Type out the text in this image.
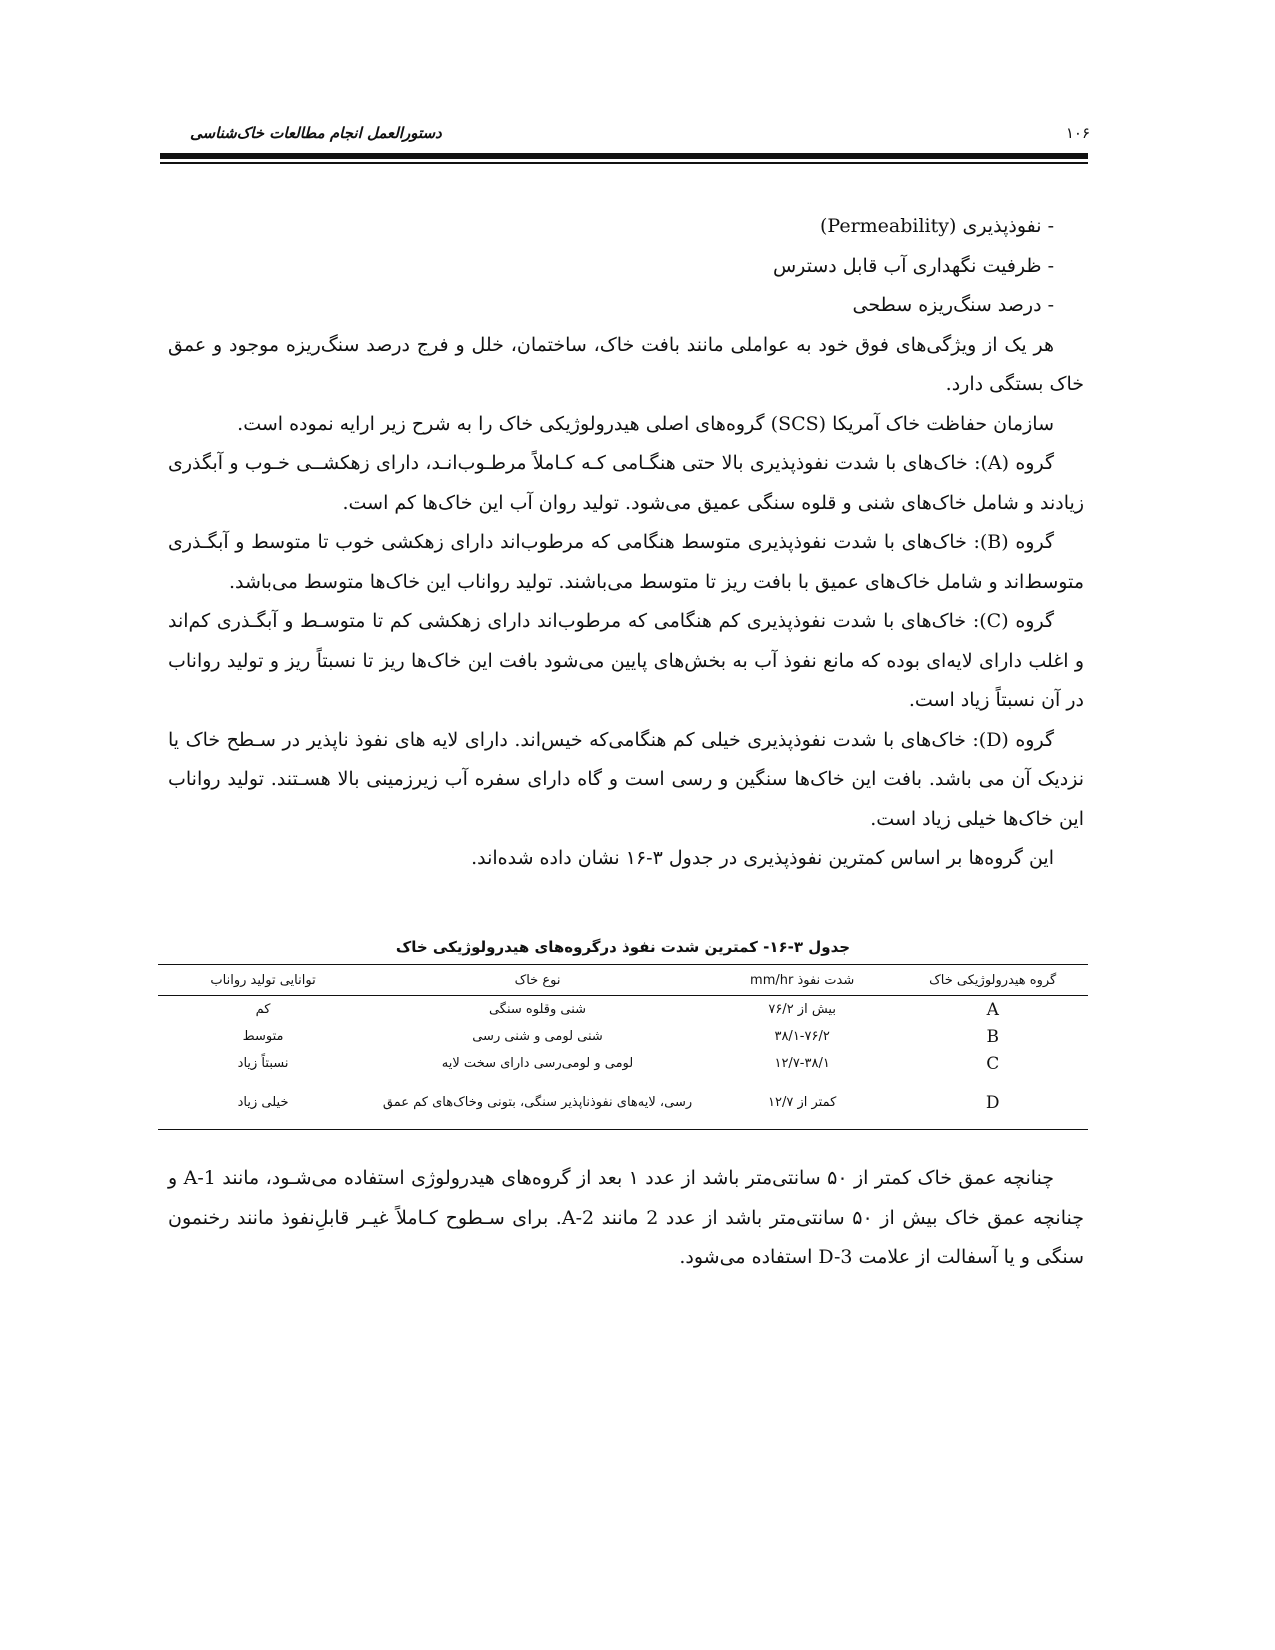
دستورالعمل انجام مطالعات خاک‌شناسی	۱۰۶

- نفوذپذیری (Permeability)

- ظرفیت نگهداری آب قابل دسترس

- درصد سنگ‌ریزه سطحی

هر یک از ویژگی‌های فوق خود به عواملی مانند بافت خاک، ساختمان، خلل و فرج درصد سنگ‌ریزه موجود و عمق خاک بستگی دارد.

سازمان حفاظت خاک آمریکا (SCS) گروه‌های اصلی هیدرولوژیکی خاک را به شرح زیر ارایه نموده است.

گروه (A): خاک‌های با شدت نفوذپذیری بالا حتی هنگـامی کـه کـاملاً مرطـوب‌انـد، دارای زهکشــی خـوب و آبگذری زیادند و شامل خاک‌های شنی و قلوه سنگی عمیق می‌شود. تولید روان آب این خاک‌ها کم است.

گروه (B): خاک‌های با شدت نفوذپذیری متوسط هنگامی که مرطوب‌اند دارای زهکشی خوب تا متوسط و آبگـذری متوسط‌اند و شامل خاک‌های عمیق با بافت ریز تا متوسط می‌باشند. تولید رواناب این خاک‌ها متوسط می‌باشد.

گروه (C): خاک‌های با شدت نفوذپذیری کم هنگامی که مرطوب‌اند دارای زهکشی کم تا متوسـط و آبگـذری کم‌اند و اغلب دارای لایه‌ای بوده که مانع نفوذ آب به بخش‌های پایین می‌شود بافت این خاک‌ها ریز تا نسبتاً ریز و تولید رواناب در آن نسبتاً زیاد است.

گروه (D): خاک‌های با شدت نفوذپذیری خیلی کم هنگامی‌که خیس‌اند. دارای لایه های نفوذ ناپذیر در سـطح خاک یا نزدیک آن می باشد. بافت این خاک‌ها سنگین و رسی است و گاه دارای سفره آب زیرزمینی بالا هسـتند. تولید رواناب این خاک‌ها خیلی زیاد است.

این گروه‌ها بر اساس کمترین نفوذپذیری در جدول ۳-۱۶ نشان داده شده‌اند.

جدول ۳-۱۶- کمترین شدت نفوذ درگروه‌های هیدرولوژیکی خاک
گروه هیدرولوژیکی خاک	شدت نفوذ mm/hr	نوع خاک	توانایی تولید رواناب
A	بیش از ۷۶/۲	شنی وقلوه سنگی	کم
B	۳۸/۱-۷۶/۲	شنی لومی و شنی رسی	متوسط
C	۱۲/۷-۳۸/۱	لومی و لومی‌رسی دارای سخت لایه	نسبتاً زیاد
D	کمتر از ۱۲/۷	رسی، لایه‌های نفوذناپذیر سنگی، بتونی وخاک‌های کم عمق	خیلی زیاد

چنانچه عمق خاک کمتر از ۵۰ سانتی‌متر باشد از عدد ۱ بعد از گروه‌های هیدرولوژی استفاده می‌شـود، مانند A-1 و چنانچه عمق خاک بیش از ۵۰ سانتی‌متر باشد از عدد 2 مانند A-2. برای سـطوح کـاملاً غیـر قابلِ‌نفوذ مانند رخنمون سنگی و یا آسفالت از علامت D-3 استفاده می‌شود.
